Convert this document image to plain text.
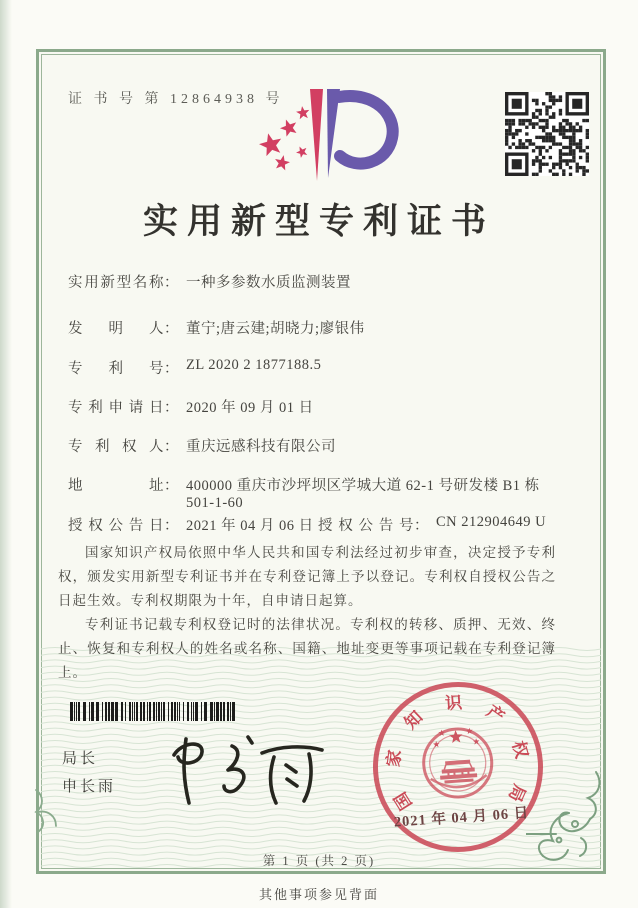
证 书 号 第 12864938 号
实用新型专利证书
实用新型名称： 一种多参数水质监测装置
发明人： 董宁;唐云建;胡晓力;廖银伟
专利号： ZL 2020 2 1877188.5
专利申请日： 2020 年 09 月 01 日
专利权人： 重庆远感科技有限公司
地址： 400000 重庆市沙坪坝区学城大道 62-1 号研发楼 B1 栋 501-1-60
授权公告日： 2021 年 04 月 06 日 授权公告号： CN 212904649 U

国家知识产权局依照中华人民共和国专利法经过初步审查，决定授予专利权，颁发实用新型专利证书并在专利登记簿上予以登记。专利权自授权公告之日起生效。专利权期限为十年，自申请日起算。

专利证书记载专利权登记时的法律状况。专利权的转移、质押、无效、终止、恢复和专利权人的姓名或名称、国籍、地址变更等事项记载在专利登记簿上。

局长
申长雨
国
家
知
识 产
权
局
2021 年 04 月 06 日
第 1 页 (共 2 页)
其他事项参见背面
